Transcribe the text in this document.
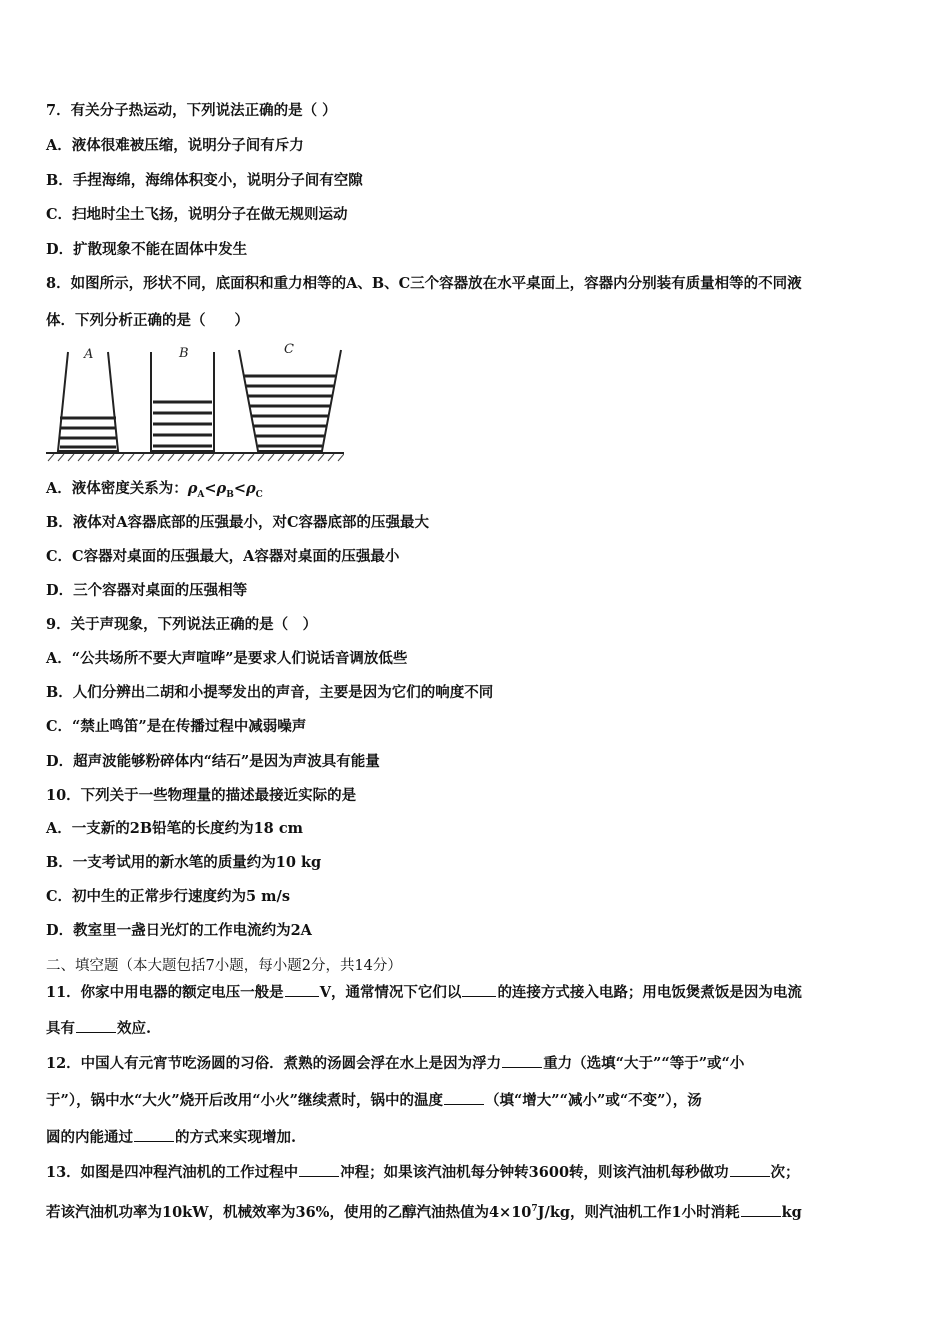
7．有关分子热运动，下列说法正确的是（ ）
A．液体很难被压缩，说明分子间有斥力
B．手捏海绵，海绵体积变小，说明分子间有空隙
C．扫地时尘土飞扬，说明分子在做无规则运动
D．扩散现象不能在固体中发生
8．如图所示，形状不同，底面积和重力相等的A、B、C三个容器放在水平桌面上，容器内分别装有质量相等的不同液
体．下列分析正确的是（　　）
A	B	C
A．液体密度关系为：$\rho_A<\rho_B<\rho_C$
B．液体对A容器底部的压强最小，对C容器底部的压强最大
C．C容器对桌面的压强最大，A容器对桌面的压强最小
D．三个容器对桌面的压强相等
9．关于声现象，下列说法正确的是（　）
A．“公共场所不要大声喧哗”是要求人们说话音调放低些
B．人们分辨出二胡和小提琴发出的声音，主要是因为它们的响度不同
C．“禁止鸣笛”是在传播过程中减弱噪声
D．超声波能够粉碎体内“结石”是因为声波具有能量
10．下列关于一些物理量的描述最接近实际的是
A．一支新的2B铅笔的长度约为18 cm
B．一支考试用的新水笔的质量约为10 kg
C．初中生的正常步行速度约为5 m/s
D．教室里一盏日光灯的工作电流约为2A
二、填空题（本大题包括7小题，每小题2分，共14分）
11．你家中用电器的额定电压一般是 V，通常情况下它们以 的连接方式接入电路；用电饭煲煮饭是因为电流
具有	效应.
12．中国人有元宵节吃汤圆的习俗．煮熟的汤圆会浮在水上是因为浮力	重力（选填“大于”“等于”或“小
于”），锅中水“大火”烧开后改用“小火”继续煮时，锅中的温度	（填“增大”“减小”或“不变”），汤
圆的内能通过	的方式来实现增加.
13．如图是四冲程汽油机的工作过程中	冲程；如果该汽油机每分钟转3600转，则该汽油机每秒做功	次；
若该汽油机功率为10kW，机械效率为36%，使用的乙醇汽油热值为$4\times 10^7J/kg$，则汽油机工作1小时消耗	kg
